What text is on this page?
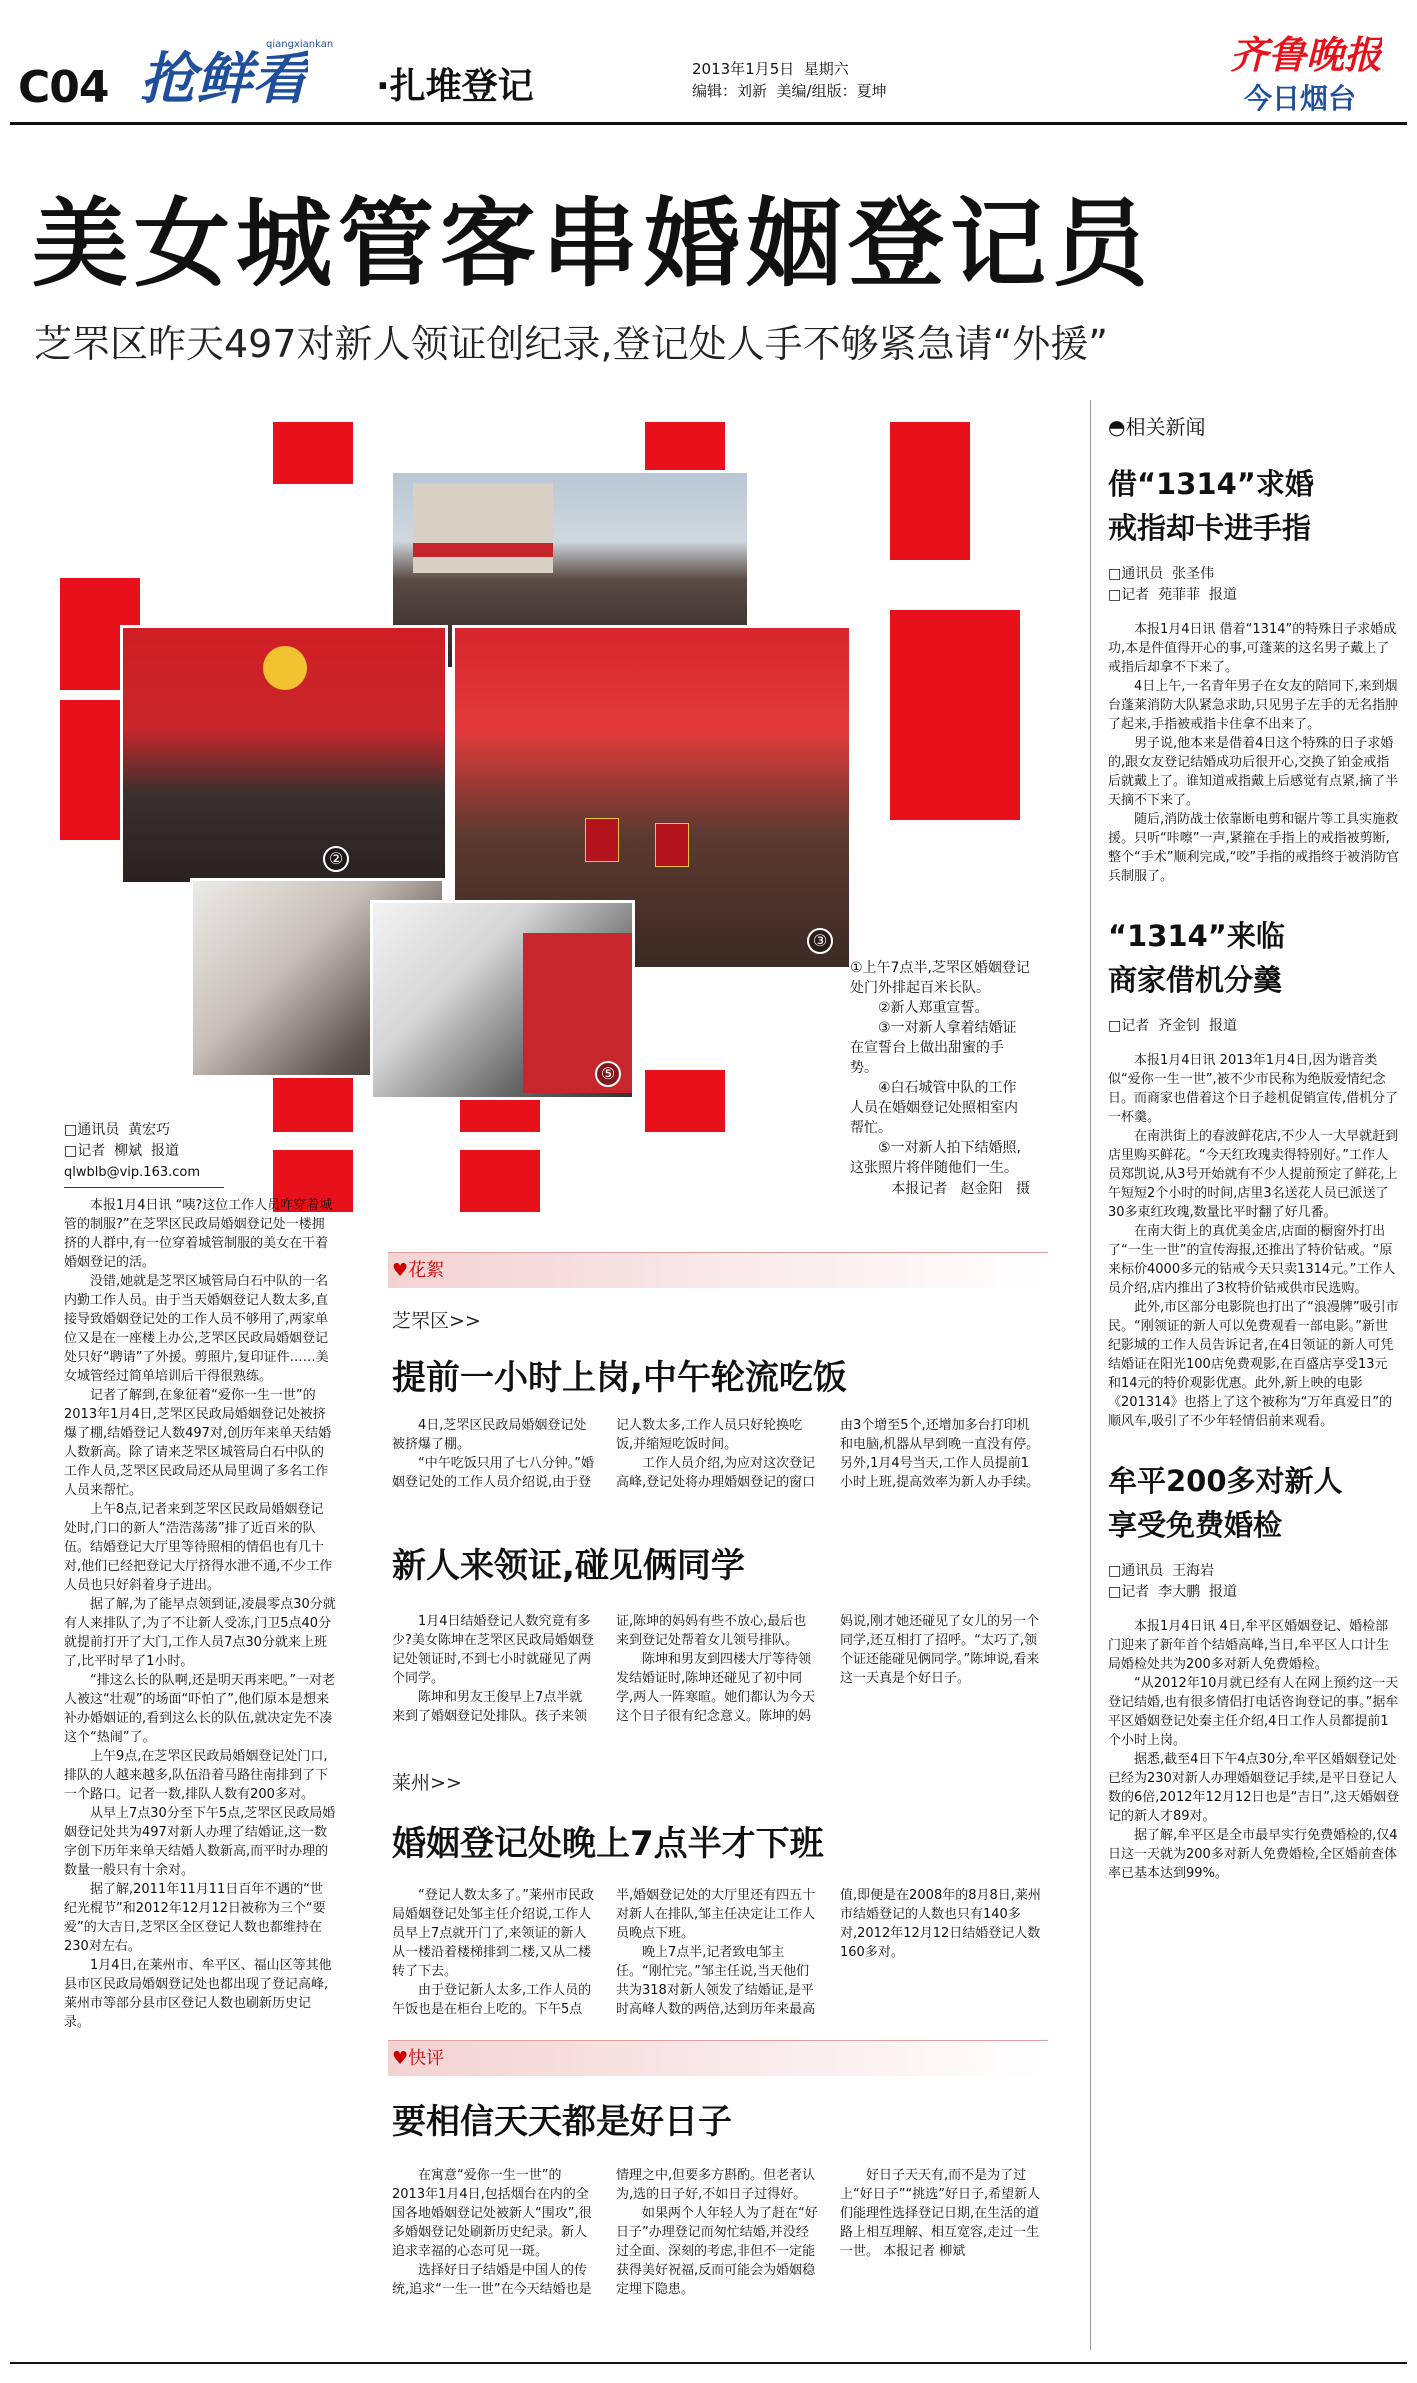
C04 抢鲜看
qiangxiankan
·扎堆登记	2013年1月5日  星期六
编辑：刘新  美编/组版：夏坤
齐鲁晚报
今日烟台
美女城管客串婚姻登记员
芝罘区昨天497对新人领证创纪录,登记处人手不够紧急请“外援”
②
③
⑤
①上午7点半,芝罘区婚姻登记处门外排起百米长队。
②新人郑重宣誓。
③一对新人拿着结婚证在宣誓台上做出甜蜜的手势。
④白石城管中队的工作人员在婚姻登记处照相室内帮忙。
⑤一对新人拍下结婚照,这张照片将伴随他们一生。
本报记者   赵金阳   摄
□通讯员  黄宏巧
□记者  柳斌  报道
qlwblb@vip.163.com

本报1月4日讯 “咦?这位工作人员咋穿着城管的制服?”在芝罘区民政局婚姻登记处一楼拥挤的人群中,有一位穿着城管制服的美女在干着婚姻登记的活。

没错,她就是芝罘区城管局白石中队的一名内勤工作人员。由于当天婚姻登记人数太多,直接导致婚姻登记处的工作人员不够用了,两家单位又是在一座楼上办公,芝罘区民政局婚姻登记处只好“聘请”了外援。剪照片,复印证件……美女城管经过简单培训后干得很熟练。

记者了解到,在象征着“爱你一生一世”的2013年1月4日,芝罘区民政局婚姻登记处被挤爆了棚,结婚登记人数497对,创历年来单天结婚人数新高。除了请来芝罘区城管局白石中队的工作人员,芝罘区民政局还从局里调了多名工作人员来帮忙。

上午8点,记者来到芝罘区民政局婚姻登记处时,门口的新人“浩浩荡荡”排了近百米的队伍。结婚登记大厅里等待照相的情侣也有几十对,他们已经把登记大厅挤得水泄不通,不少工作人员也只好斜着身子进出。

据了解,为了能早点领到证,凌晨零点30分就有人来排队了,为了不让新人受冻,门卫5点40分就提前打开了大门,工作人员7点30分就来上班了,比平时早了1小时。

“排这么长的队啊,还是明天再来吧。”一对老人被这“壮观”的场面“吓怕了”,他们原本是想来补办婚姻证的,看到这么长的队伍,就决定先不凑这个“热闹”了。

上午9点,在芝罘区民政局婚姻登记处门口,排队的人越来越多,队伍沿着马路往南排到了下一个路口。记者一数,排队人数有200多对。

从早上7点30分至下午5点,芝罘区民政局婚姻登记处共为497对新人办理了结婚证,这一数字创下历年来单天结婚人数新高,而平时办理的数量一般只有十余对。

据了解,2011年11月11日百年不遇的“世纪光棍节”和2012年12月12日被称为三个“要爱”的大吉日,芝罘区全区登记人数也都维持在230对左右。

1月4日,在莱州市、牟平区、福山区等其他县市区民政局婚姻登记处也都出现了登记高峰,莱州市等部分县市区登记人数也刷新历史记录。

♥花絮
芝罘区>>
提前一小时上岗,中午轮流吃饭

4日,芝罘区民政局婚姻登记处被挤爆了棚。

“中午吃饭只用了七八分钟。”婚姻登记处的工作人员介绍说,由于登记人数太多,工作人员只好轮换吃饭,并缩短吃饭时间。

工作人员介绍,为应对这次登记高峰,登记处将办理婚姻登记的窗口由3个增至5个,还增加多台打印机和电脑,机器从早到晚一直没有停。另外,1月4号当天,工作人员提前1小时上班,提高效率为新人办手续。

新人来领证,碰见俩同学

1月4日结婚登记人数究竟有多少?美女陈坤在芝罘区民政局婚姻登记处领证时,不到七小时就碰见了两个同学。

陈坤和男友王俊早上7点半就来到了婚姻登记处排队。孩子来领证,陈坤的妈妈有些不放心,最后也来到登记处帮着女儿领号排队。

陈坤和男友到四楼大厅等待领发结婚证时,陈坤还碰见了初中同学,两人一阵寒暄。她们都认为今天这个日子很有纪念意义。陈坤的妈妈说,刚才她还碰见了女儿的另一个同学,还互相打了招呼。“太巧了,领个证还能碰见俩同学。”陈坤说,看来这一天真是个好日子。

莱州>>
婚姻登记处晚上7点半才下班

“登记人数太多了。”莱州市民政局婚姻登记处邹主任介绍说,工作人员早上7点就开门了,来领证的新人从一楼沿着楼梯排到二楼,又从二楼转了下去。

由于登记新人太多,工作人员的午饭也是在柜台上吃的。下午5点半,婚姻登记处的大厅里还有四五十对新人在排队,邹主任决定让工作人员晚点下班。

晚上7点半,记者致电邹主任。“刚忙完。”邹主任说,当天他们共为318对新人领发了结婚证,是平时高峰人数的两倍,达到历年来最高值,即便是在2008年的8月8日,莱州市结婚登记的人数也只有140多对,2012年12月12日结婚登记人数160多对。

♥快评
要相信天天都是好日子

在寓意“爱你一生一世”的2013年1月4日,包括烟台在内的全国各地婚姻登记处被新人“围攻”,很多婚姻登记处刷新历史纪录。新人追求幸福的心态可见一斑。

选择好日子结婚是中国人的传统,追求“一生一世”在今天结婚也是情理之中,但要多方斟酌。但老者认为,选的日子好,不如日子过得好。

如果两个人年轻人为了赶在“好日子”办理登记而匆忙结婚,并没经过全面、深刻的考虑,非但不一定能获得美好祝福,反而可能会为婚姻稳定埋下隐患。

好日子天天有,而不是为了过上“好日子”“挑选”好日子,希望新人们能理性选择登记日期,在生活的道路上相互理解、相互宽容,走过一生一世。 本报记者 柳斌

◓相关新闻
借“1314”求婚
戒指却卡进手指
□通讯员  张圣伟
□记者  苑菲菲  报道

本报1月4日讯 借着“1314”的特殊日子求婚成功,本是件值得开心的事,可蓬莱的这名男子戴上了戒指后却拿不下来了。

4日上午,一名青年男子在女友的陪同下,来到烟台蓬莱消防大队紧急求助,只见男子左手的无名指肿了起来,手指被戒指卡住拿不出来了。

男子说,他本来是借着4日这个特殊的日子求婚的,跟女友登记结婚成功后很开心,交换了铂金戒指后就戴上了。谁知道戒指戴上后感觉有点紧,摘了半天摘不下来了。

随后,消防战士依靠断电剪和锯片等工具实施救援。只听“咔嚓”一声,紧箍在手指上的戒指被剪断,整个“手术”顺利完成,“咬”手指的戒指终于被消防官兵制服了。

“1314”来临
商家借机分羹
□记者  齐金钊  报道

本报1月4日讯 2013年1月4日,因为谐音类似“爱你一生一世”,被不少市民称为绝版爱情纪念日。而商家也借着这个日子趁机促销宣传,借机分了一杯羹。

在南洪街上的春波鲜花店,不少人一大早就赶到店里购买鲜花。“今天红玫瑰卖得特别好。”工作人员郑凯说,从3号开始就有不少人提前预定了鲜花,上午短短2个小时的时间,店里3名送花人员已派送了30多束红玫瑰,数量比平时翻了好几番。

在南大街上的真优美金店,店面的橱窗外打出了“一生一世”的宣传海报,还推出了特价钻戒。“原来标价4000多元的钻戒今天只卖1314元。”工作人员介绍,店内推出了3枚特价钻戒供市民选购。

此外,市区部分电影院也打出了“浪漫牌”吸引市民。“刚领证的新人可以免费观看一部电影。”新世纪影城的工作人员告诉记者,在4日领证的新人可凭结婚证在阳光100店免费观影,在百盛店享受13元和14元的特价观影优惠。此外,新上映的电影《201314》也搭上了这个被称为“万年真爱日”的顺风车,吸引了不少年轻情侣前来观看。

牟平200多对新人
享受免费婚检
□通讯员  王海岩
□记者  李大鹏  报道

本报1月4日讯 4日,牟平区婚姻登记、婚检部门迎来了新年首个结婚高峰,当日,牟平区人口计生局婚检处共为200多对新人免费婚检。

“从2012年10月就已经有人在网上预约这一天登记结婚,也有很多情侣打电话咨询登记的事。”据牟平区婚姻登记处秦主任介绍,4日工作人员都提前1个小时上岗。

据悉,截至4日下午4点30分,牟平区婚姻登记处已经为230对新人办理婚姻登记手续,是平日登记人数的6倍,2012年12月12日也是“吉日”,这天婚姻登记的新人才89对。

据了解,牟平区是全市最早实行免费婚检的,仅4日这一天就为200多对新人免费婚检,全区婚前查体率已基本达到99%。
